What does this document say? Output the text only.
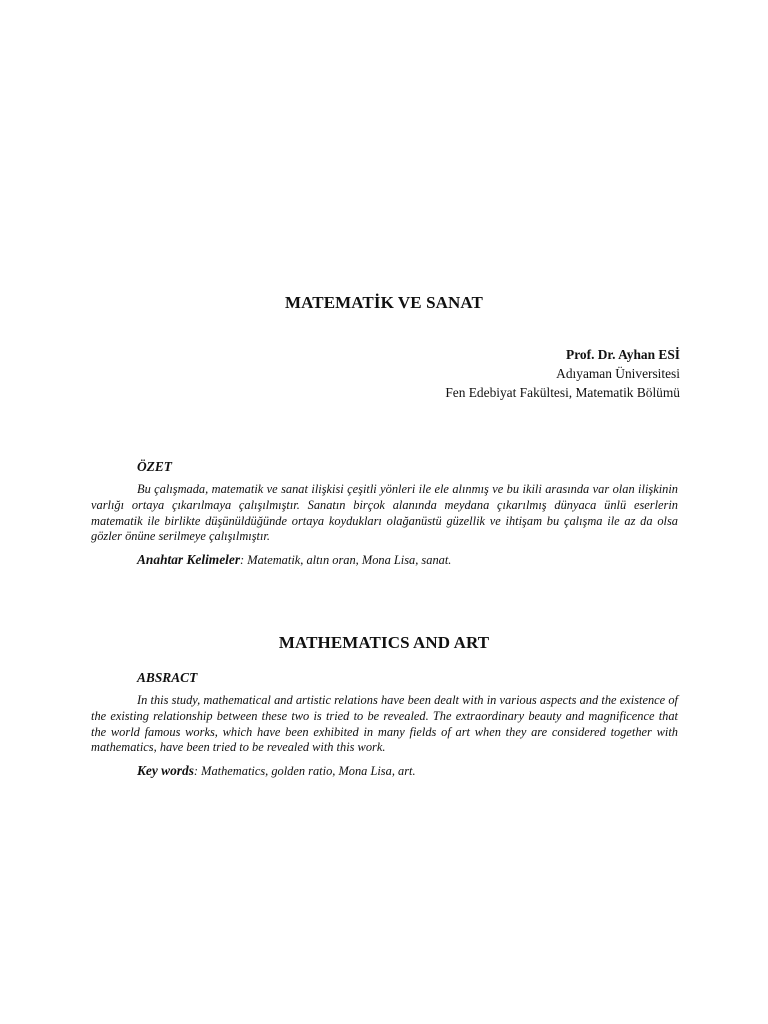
MATEMATİK VE SANAT
Prof. Dr. Ayhan ESİ
Adıyaman Üniversitesi
Fen Edebiyat Fakültesi, Matematik Bölümü
ÖZET

Bu çalışmada, matematik ve sanat ilişkisi çeşitli yönleri ile ele alınmış ve bu ikili arasında var olan ilişkinin varlığı ortaya çıkarılmaya çalışılmıştır. Sanatın birçok alanında meydana çıkarılmış dünyaca ünlü eserlerin matematik ile birlikte düşünüldüğünde ortaya koydukları olağanüstü güzellik ve ihtişam bu çalışma ile az da olsa gözler önüne serilmeye çalışılmıştır.

Anahtar Kelimeler: Matematik, altın oran, Mona Lisa, sanat.
MATHEMATICS AND ART
ABSRACT

In this study, mathematical and artistic relations have been dealt with in various aspects and the existence of the existing relationship between these two is tried to be revealed. The extraordinary beauty and magnificence that the world famous works, which have been exhibited in many fields of art when they are considered together with mathematics, have been tried to be revealed with this work.

Key words: Mathematics, golden ratio, Mona Lisa, art.
